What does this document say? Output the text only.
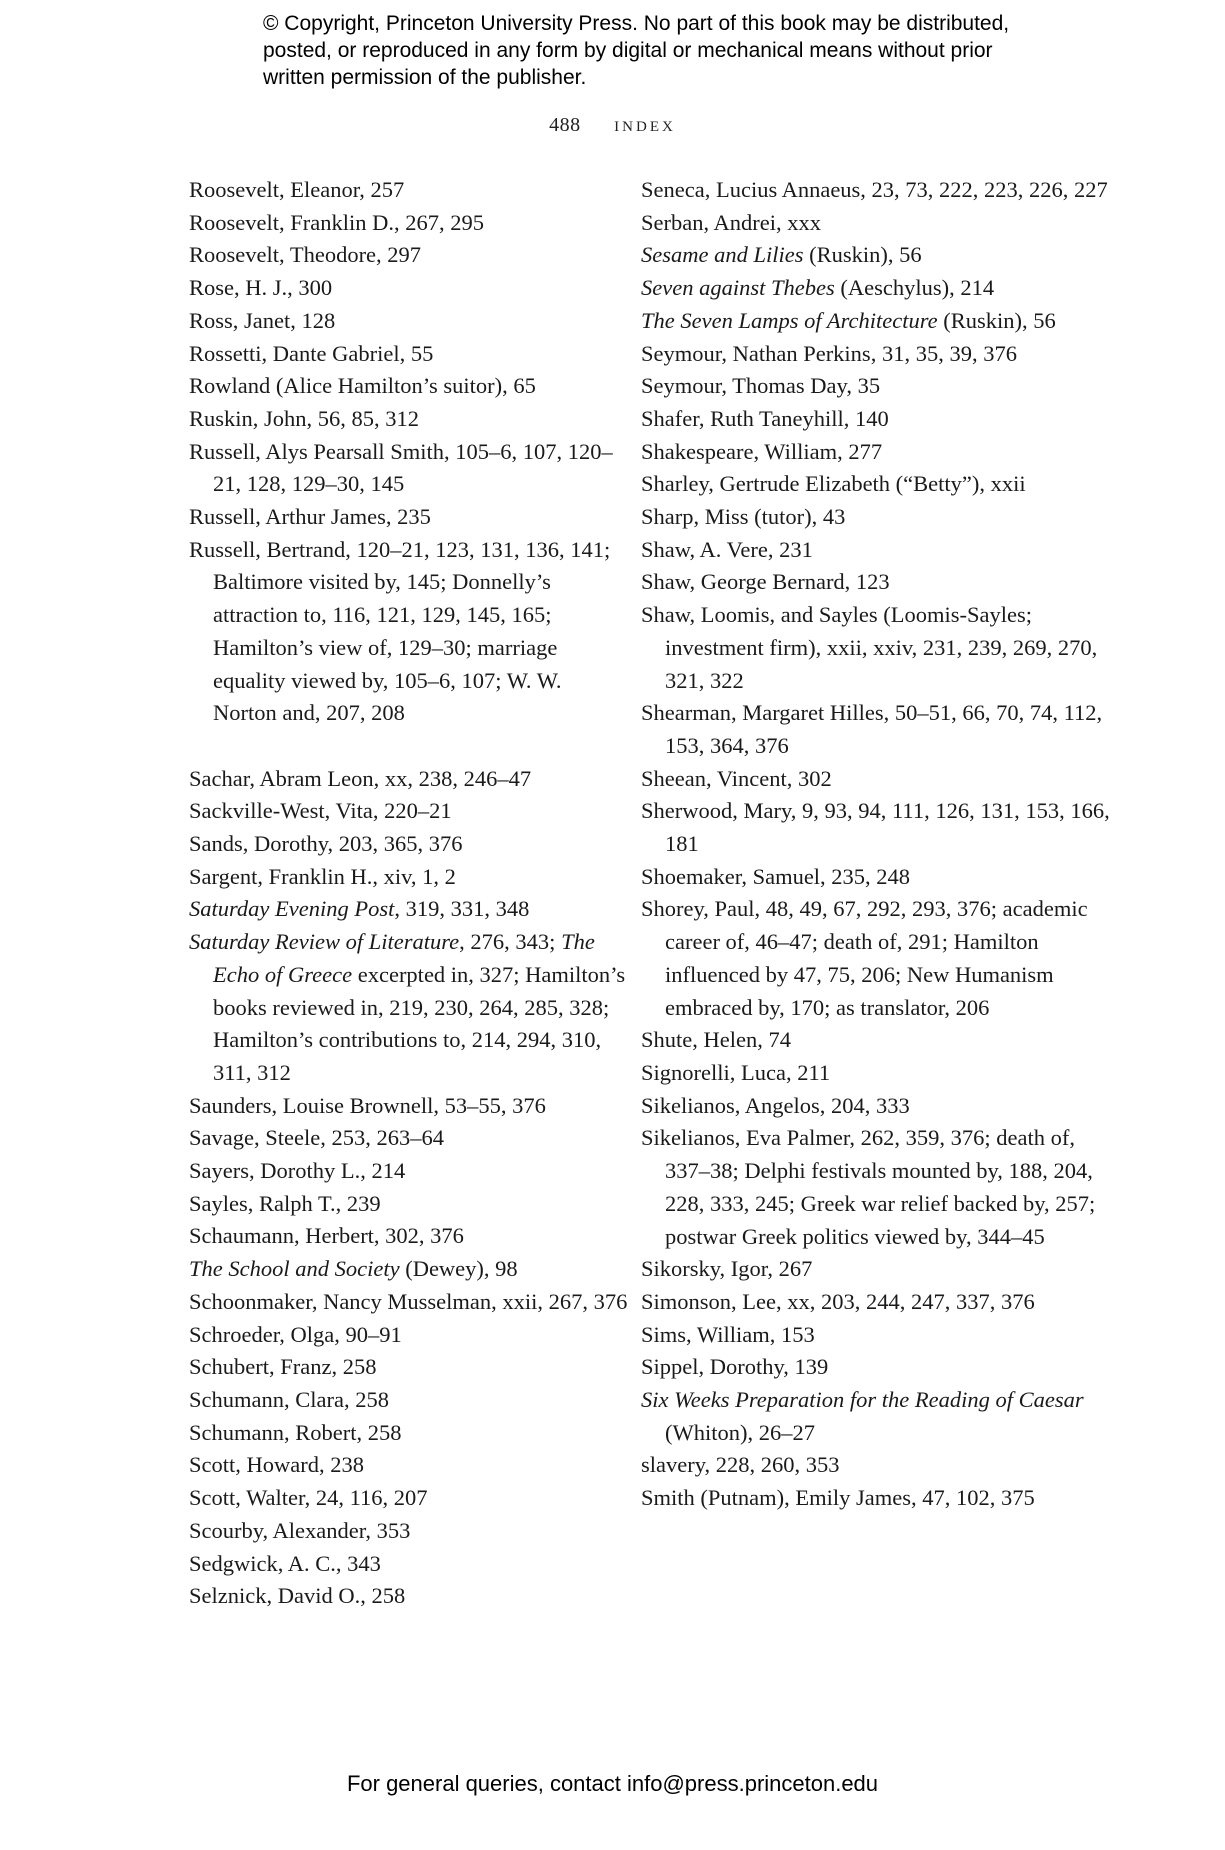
© Copyright, Princeton University Press. No part of this book may be distributed, posted, or reproduced in any form by digital or mechanical means without prior written permission of the publisher.

488 index

Roosevelt, Eleanor, 257

Roosevelt, Franklin D., 267, 295

Roosevelt, Theodore, 297

Rose, H. J., 300

Ross, Janet, 128

Rossetti, Dante Gabriel, 55

Rowland (Alice Hamilton’s suitor), 65

Ruskin, John, 56, 85, 312

Russell, Alys Pearsall Smith, 105–6, 107, 120–21, 128, 129–30, 145

Russell, Arthur James, 235

Russell, Bertrand, 120–21, 123, 131, 136, 141; Baltimore visited by, 145; Donnelly’s attraction to, 116, 121, 129, 145, 165; Hamilton’s view of, 129–30; marriage equality viewed by, 105–6, 107; W. W. Norton and, 207, 208

Sachar, Abram Leon, xx, 238, 246–47

Sackville-West, Vita, 220–21

Sands, Dorothy, 203, 365, 376

Sargent, Franklin H., xiv, 1, 2

Saturday Evening Post, 319, 331, 348

Saturday Review of Literature, 276, 343; The Echo of Greece excerpted in, 327; Hamilton’s books reviewed in, 219, 230, 264, 285, 328; Hamilton’s contributions to, 214, 294, 310, 311, 312

Saunders, Louise Brownell, 53–55, 376

Savage, Steele, 253, 263–64

Sayers, Dorothy L., 214

Sayles, Ralph T., 239

Schaumann, Herbert, 302, 376

The School and Society (Dewey), 98

Schoonmaker, Nancy Musselman, xxii, 267, 376

Schroeder, Olga, 90–91

Schubert, Franz, 258

Schumann, Clara, 258

Schumann, Robert, 258

Scott, Howard, 238

Scott, Walter, 24, 116, 207

Scourby, Alexander, 353

Sedgwick, A. C., 343

Selznick, David O., 258

Seneca, Lucius Annaeus, 23, 73, 222, 223, 226, 227

Serban, Andrei, xxx

Sesame and Lilies (Ruskin), 56

Seven against Thebes (Aeschylus), 214

The Seven Lamps of Architecture (Ruskin), 56

Seymour, Nathan Perkins, 31, 35, 39, 376

Seymour, Thomas Day, 35

Shafer, Ruth Taneyhill, 140

Shakespeare, William, 277

Sharley, Gertrude Elizabeth (“Betty”), xxii

Sharp, Miss (tutor), 43

Shaw, A. Vere, 231

Shaw, George Bernard, 123

Shaw, Loomis, and Sayles (Loomis-Sayles; investment firm), xxii, xxiv, 231, 239, 269, 270, 321, 322

Shearman, Margaret Hilles, 50–51, 66, 70, 74, 112, 153, 364, 376

Sheean, Vincent, 302

Sherwood, Mary, 9, 93, 94, 111, 126, 131, 153, 166, 181

Shoemaker, Samuel, 235, 248

Shorey, Paul, 48, 49, 67, 292, 293, 376; academic career of, 46–47; death of, 291; Hamilton influenced by 47, 75, 206; New Humanism embraced by, 170; as translator, 206

Shute, Helen, 74

Signorelli, Luca, 211

Sikelianos, Angelos, 204, 333

Sikelianos, Eva Palmer, 262, 359, 376; death of, 337–38; Delphi festivals mounted by, 188, 204, 228, 333, 245; Greek war relief backed by, 257; postwar Greek politics viewed by, 344–45

Sikorsky, Igor, 267

Simonson, Lee, xx, 203, 244, 247, 337, 376

Sims, William, 153

Sippel, Dorothy, 139

Six Weeks Preparation for the Reading of Caesar (Whiton), 26–27

slavery, 228, 260, 353

Smith (Putnam), Emily James, 47, 102, 375

For general queries, contact info@press.princeton.edu
